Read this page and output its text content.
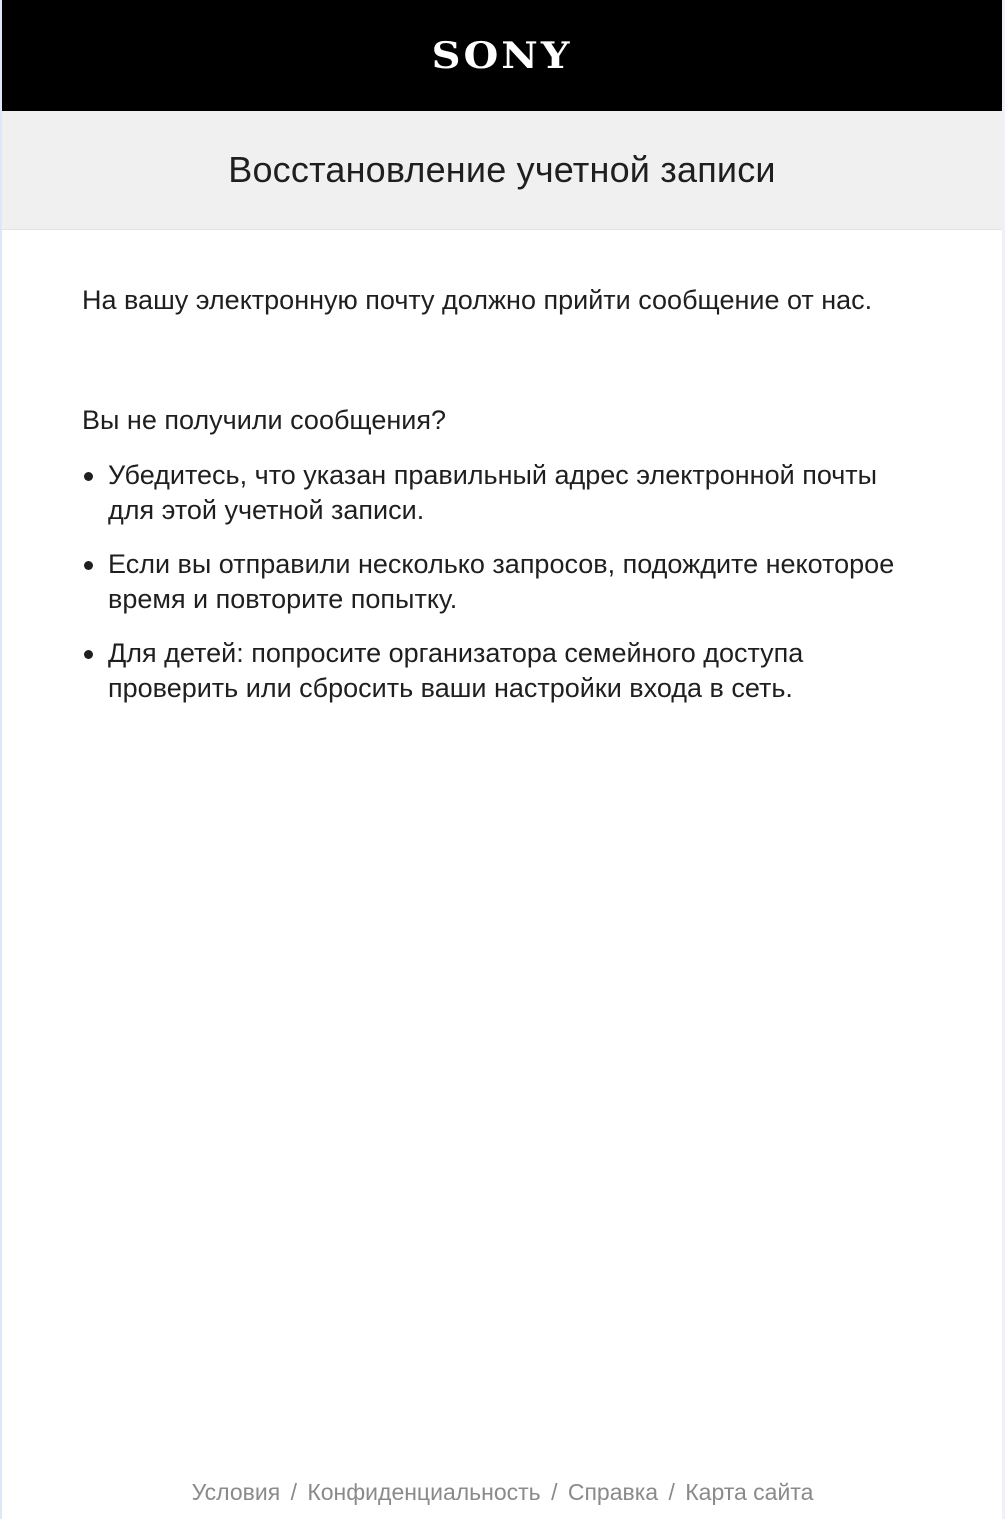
SONY
Восстановление учетной записи

На вашу электронную почту должно прийти сообщение от нас.

Вы не получили сообщения?

Убедитесь, что указан правильный адрес электронной почты для этой учетной записи.
Если вы отправили несколько запросов, подождите некоторое время и повторите попытку.
Для детей: попросите организатора семейного доступа проверить или сбросить ваши настройки входа в сеть.
Условия / Конфиденциальность / Справка / Карта сайта
